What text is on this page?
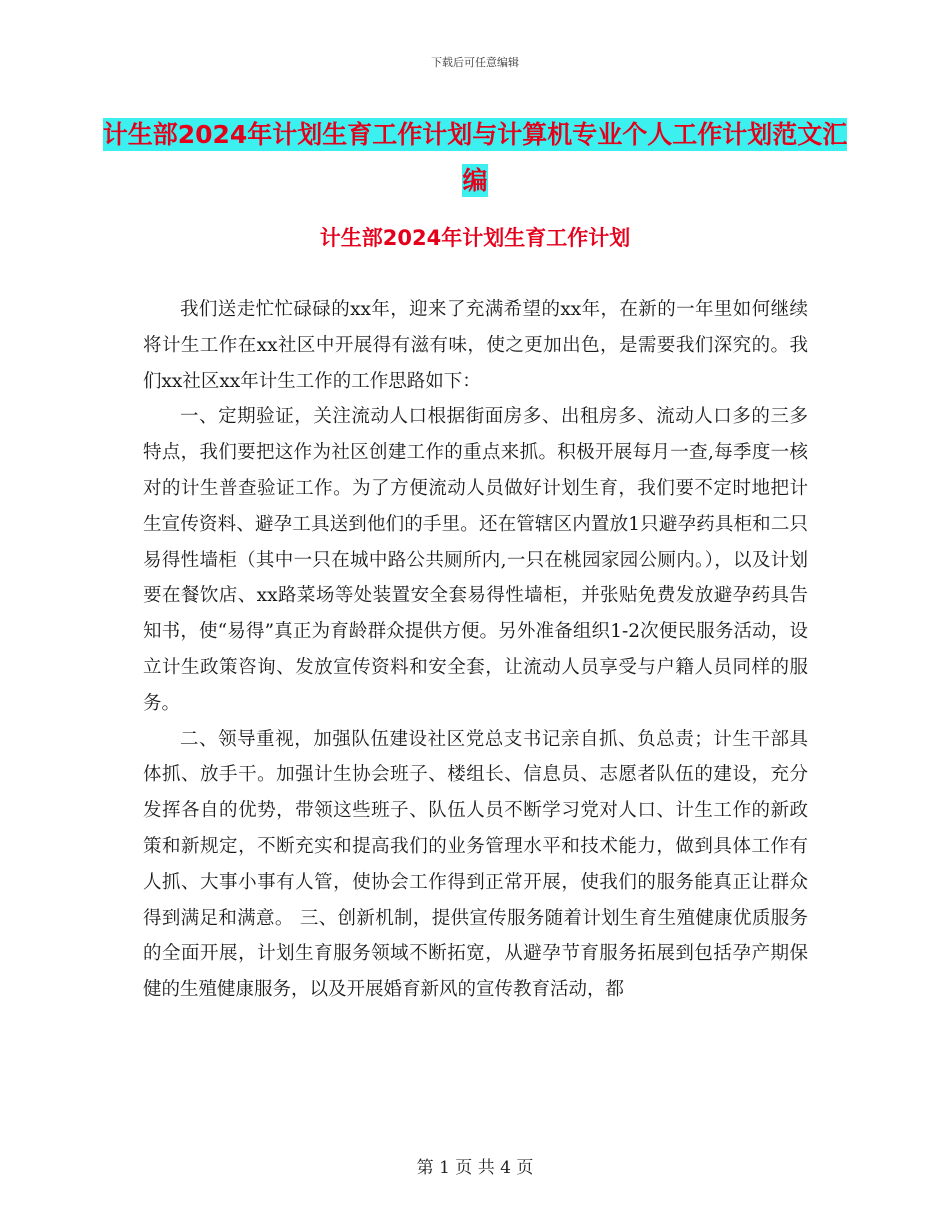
下载后可任意编辑
计生部2024年计划生育工作计划与计算机专业个人工作计划范文汇编
计生部2024年计划生育工作计划

我们送走忙忙碌碌的xx年，迎来了充满希望的xx年，在新的一年里如何继续将计生工作在xx社区中开展得有滋有味，使之更加出色，是需要我们深究的。我们xx社区xx年计生工作的工作思路如下：

一、定期验证，关注流动人口根据街面房多、出租房多、流动人口多的三多特点，我们要把这作为社区创建工作的重点来抓。积极开展每月一查,每季度一核对的计生普查验证工作。为了方便流动人员做好计划生育，我们要不定时地把计生宣传资料、避孕工具送到他们的手里。还在管辖区内置放1只避孕药具柜和二只易得性墙柜（其中一只在城中路公共厕所内,一只在桃园家园公厕内。），以及计划要在餐饮店、xx路菜场等处装置安全套易得性墙柜，并张贴免费发放避孕药具告知书，使“易得”真正为育龄群众提供方便。另外准备组织1-2次便民服务活动，设立计生政策咨询、发放宣传资料和安全套，让流动人员享受与户籍人员同样的服务。

二、领导重视，加强队伍建设社区党总支书记亲自抓、负总责；计生干部具体抓、放手干。加强计生协会班子、楼组长、信息员、志愿者队伍的建设，充分发挥各自的优势，带领这些班子、队伍人员不断学习党对人口、计生工作的新政策和新规定，不断充实和提高我们的业务管理水平和技术能力，做到具体工作有人抓、大事小事有人管，使协会工作得到正常开展，使我们的服务能真正让群众得到满足和满意。 三、创新机制，提供宣传服务随着计划生育生殖健康优质服务的全面开展，计划生育服务领域不断拓宽，从避孕节育服务拓展到包括孕产期保健的生殖健康服务，以及开展婚育新风的宣传教育活动，都

第 1 页 共 4 页
